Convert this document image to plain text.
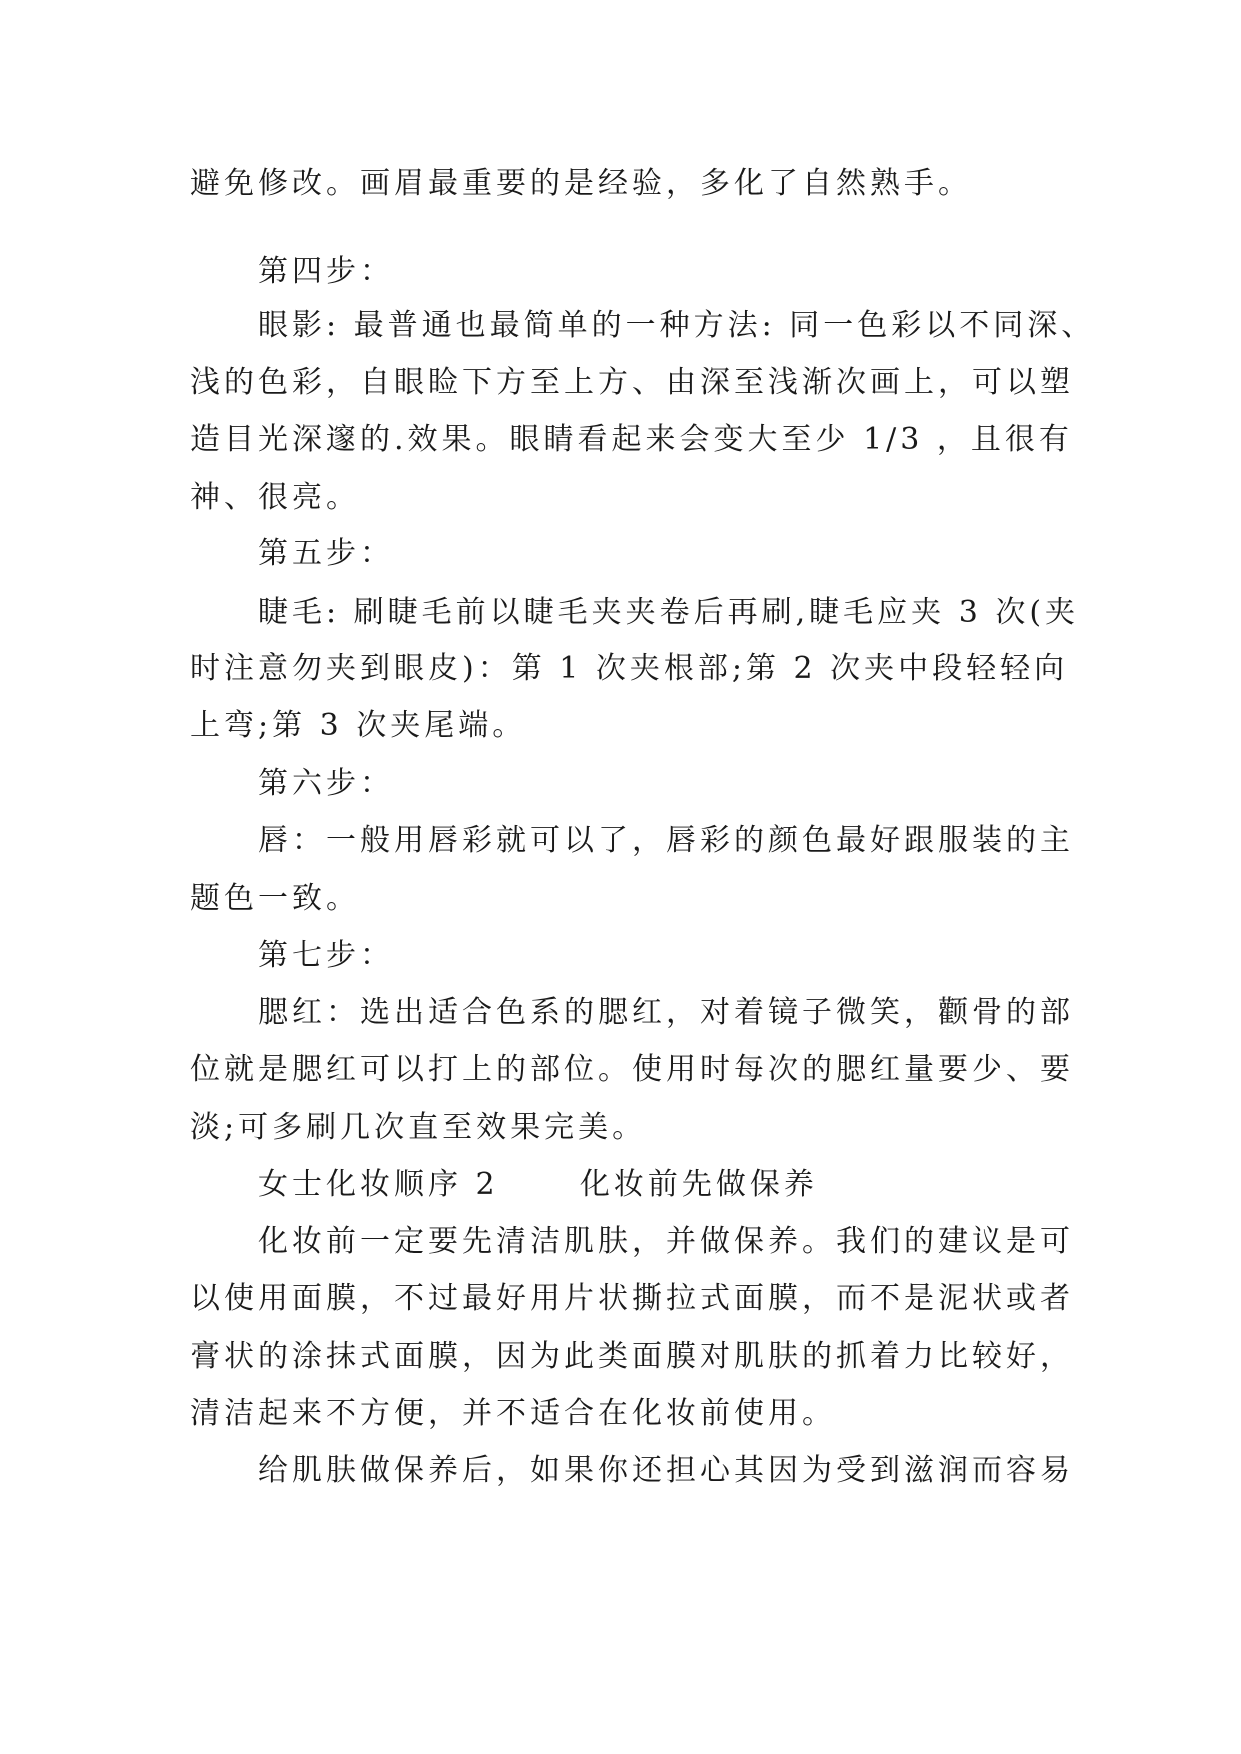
避免修改。画眉最重要的是经验，多化了自然熟手。
第四步：
眼影: 最普通也最简单的一种方法: 同一色彩以不同深、
浅的色彩，自眼睑下方至上方、由深至浅渐次画上，可以塑
造目光深邃的.效果。眼睛看起来会变大至少 1/3 ，且很有
神、很亮。
第五步：
睫毛: 刷睫毛前以睫毛夹夹卷后再刷,睫毛应夹 3 次(夹
时注意勿夹到眼皮)：第 1 次夹根部;第 2 次夹中段轻轻向
上弯;第 3 次夹尾端。
第六步：
唇：一般用唇彩就可以了，唇彩的颜色最好跟服装的主
题色一致。
第七步：
腮红：选出适合色系的腮红，对着镜子微笑，颧骨的部
位就是腮红可以打上的部位。使用时每次的腮红量要少、要
淡;可多刷几次直至效果完美。
女士化妆顺序 2      化妆前先做保养
化妆前一定要先清洁肌肤，并做保养。我们的建议是可
以使用面膜，不过最好用片状撕拉式面膜，而不是泥状或者
膏状的涂抹式面膜，因为此类面膜对肌肤的抓着力比较好，
清洁起来不方便，并不适合在化妆前使用。
给肌肤做保养后，如果你还担心其因为受到滋润而容易
